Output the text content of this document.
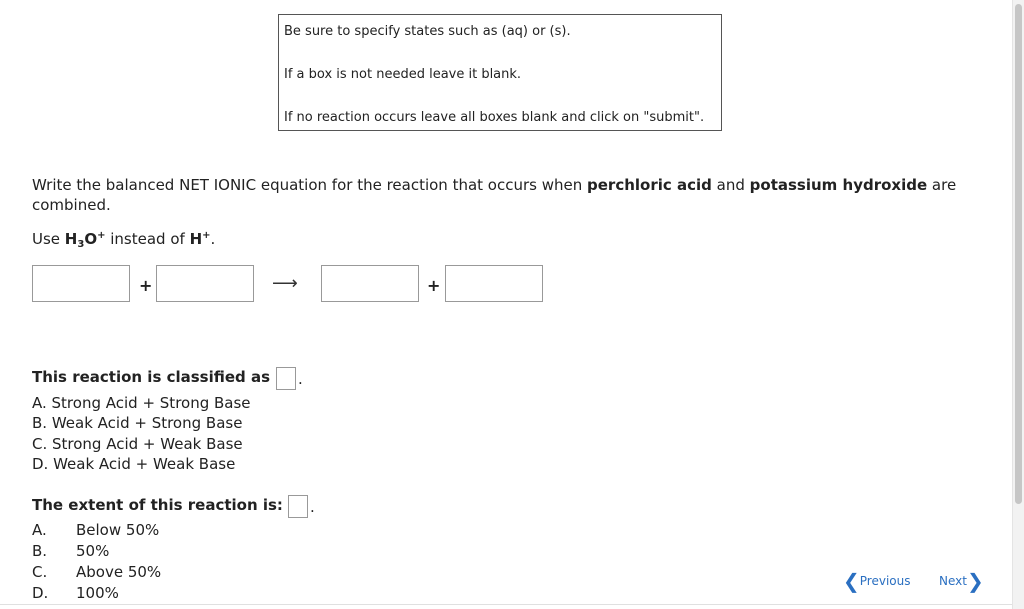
Be sure to specify states such as (aq) or (s).
If a box is not needed leave it blank.
If no reaction occurs leave all boxes blank and click on "submit".
Write the balanced NET IONIC equation for the reaction that occurs when perchloric acid and potassium hydroxide are combined.
Use $H_3O^+$ instead of H+.
+	⟶	+
This reaction is classified as .
A. Strong Acid + Strong Base
B. Weak Acid + Strong Base
C. Strong Acid + Weak Base
D. Weak Acid + Weak Base
The extent of this reaction is: .
A. Below 50%
B. 50%
C. Above 50%
D. 100%	❮ Previous Next ❯
